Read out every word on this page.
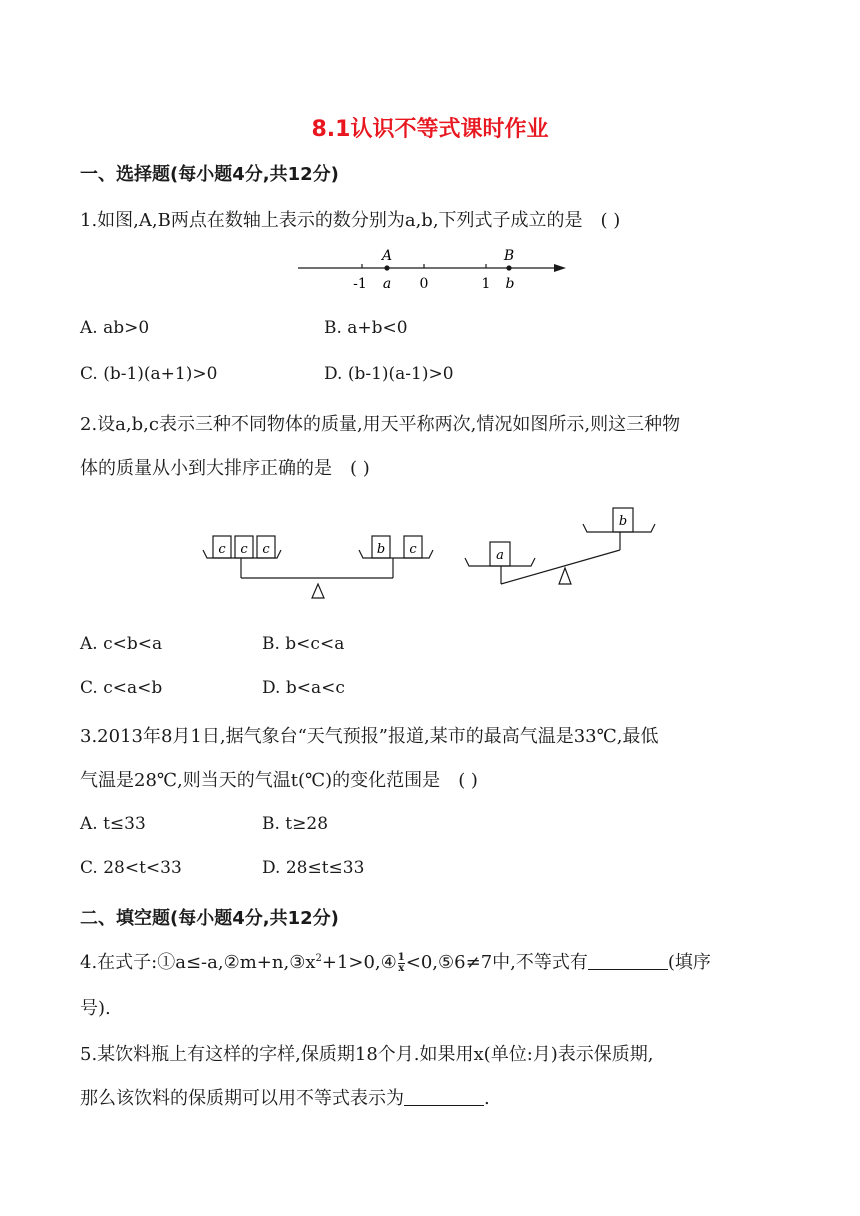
8.1认识不等式课时作业
一、选择题(每小题4分,共12分)
1.如图,A,B两点在数轴上表示的数分别为a,b,下列式子成立的是 ( )
A	B
-1 a 0	1 b
A. ab>0	B. a+b<0
C. (b-1)(a+1)>0	D. (b-1)(a-1)>0
2.设a,b,c表示三种不同物体的质量,用天平称两次,情况如图所示,则这三种物
体的质量从小到大排序正确的是 ( )
c c c	b c	a
b
A. c<b<a	B. b<c<a
C. c<a<b	D. b<a<c
3.2013年8月1日,据气象台“天气预报”报道,某市的最高气温是33℃,最低
气温是28℃,则当天的气温t(℃)的变化范围是 ( )
A. t≤33	B. t≥28
C. 28<t<33	D. 28≤t≤33
二、填空题(每小题4分,共12分)
4.在式子$:①a\le-a,②m+n,③x^2+1>0,④ \frac{1}{x}$ <0,⑤6≠7中,不等式有	(填序
号).
5.某饮料瓶上有这样的字样,保质期18个月.如果用x(单位:月)表示保质期,
那么该饮料的保质期可以用不等式表示为	.
